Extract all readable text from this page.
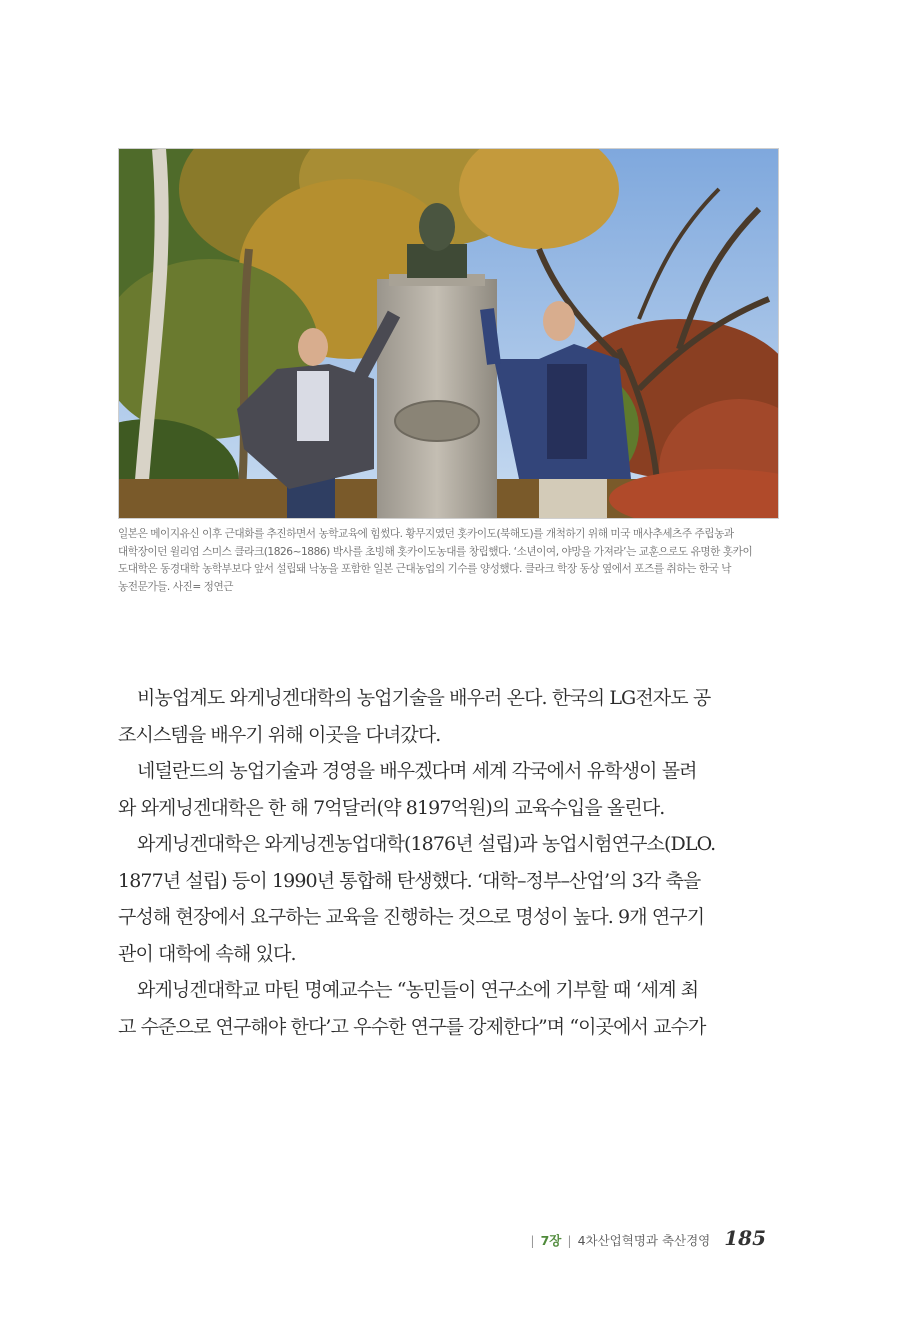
일본은 메이지유신 이후 근대화를 추진하면서 농학교육에 힘썼다. 황무지였던 홋카이도(북해도)를 개척하기 위해 미국 매사추세츠주 주립농과
대학장이던 윌리엄 스미스 클라크(1826~1886) 박사를 초빙해 홋카이도농대를 창립했다. ‘소년이여, 야망을 가져라’는 교훈으로도 유명한 홋카이
도대학은 동경대학 농학부보다 앞서 설립돼 낙농을 포함한 일본 근대농업의 기수를 양성했다. 클라크 학장 동상 옆에서 포즈를 취하는 한국 낙
농전문가들. 사진= 정연근
비농업계도 와게닝겐대학의 농업기술을 배우러 온다. 한국의 LG전자도 공
조시스템을 배우기 위해 이곳을 다녀갔다.
네덜란드의 농업기술과 경영을 배우겠다며 세계 각국에서 유학생이 몰려
와 와게닝겐대학은 한 해 7억달러(약 8197억원)의 교육수입을 올린다.
와게닝겐대학은 와게닝겐농업대학(1876년 설립)과 농업시험연구소(DLO.
1877년 설립) 등이 1990년 통합해 탄생했다. ‘대학–정부–산업’의 3각 축을
구성해 현장에서 요구하는 교육을 진행하는 것으로 명성이 높다. 9개 연구기
관이 대학에 속해 있다.
와게닝겐대학교 마틴 명예교수는 “농민들이 연구소에 기부할 때 ‘세계 최
고 수준으로 연구해야 한다’고 우수한 연구를 강제한다”며 “이곳에서 교수가
| 7장 | 4차산업혁명과 축산경영 185
